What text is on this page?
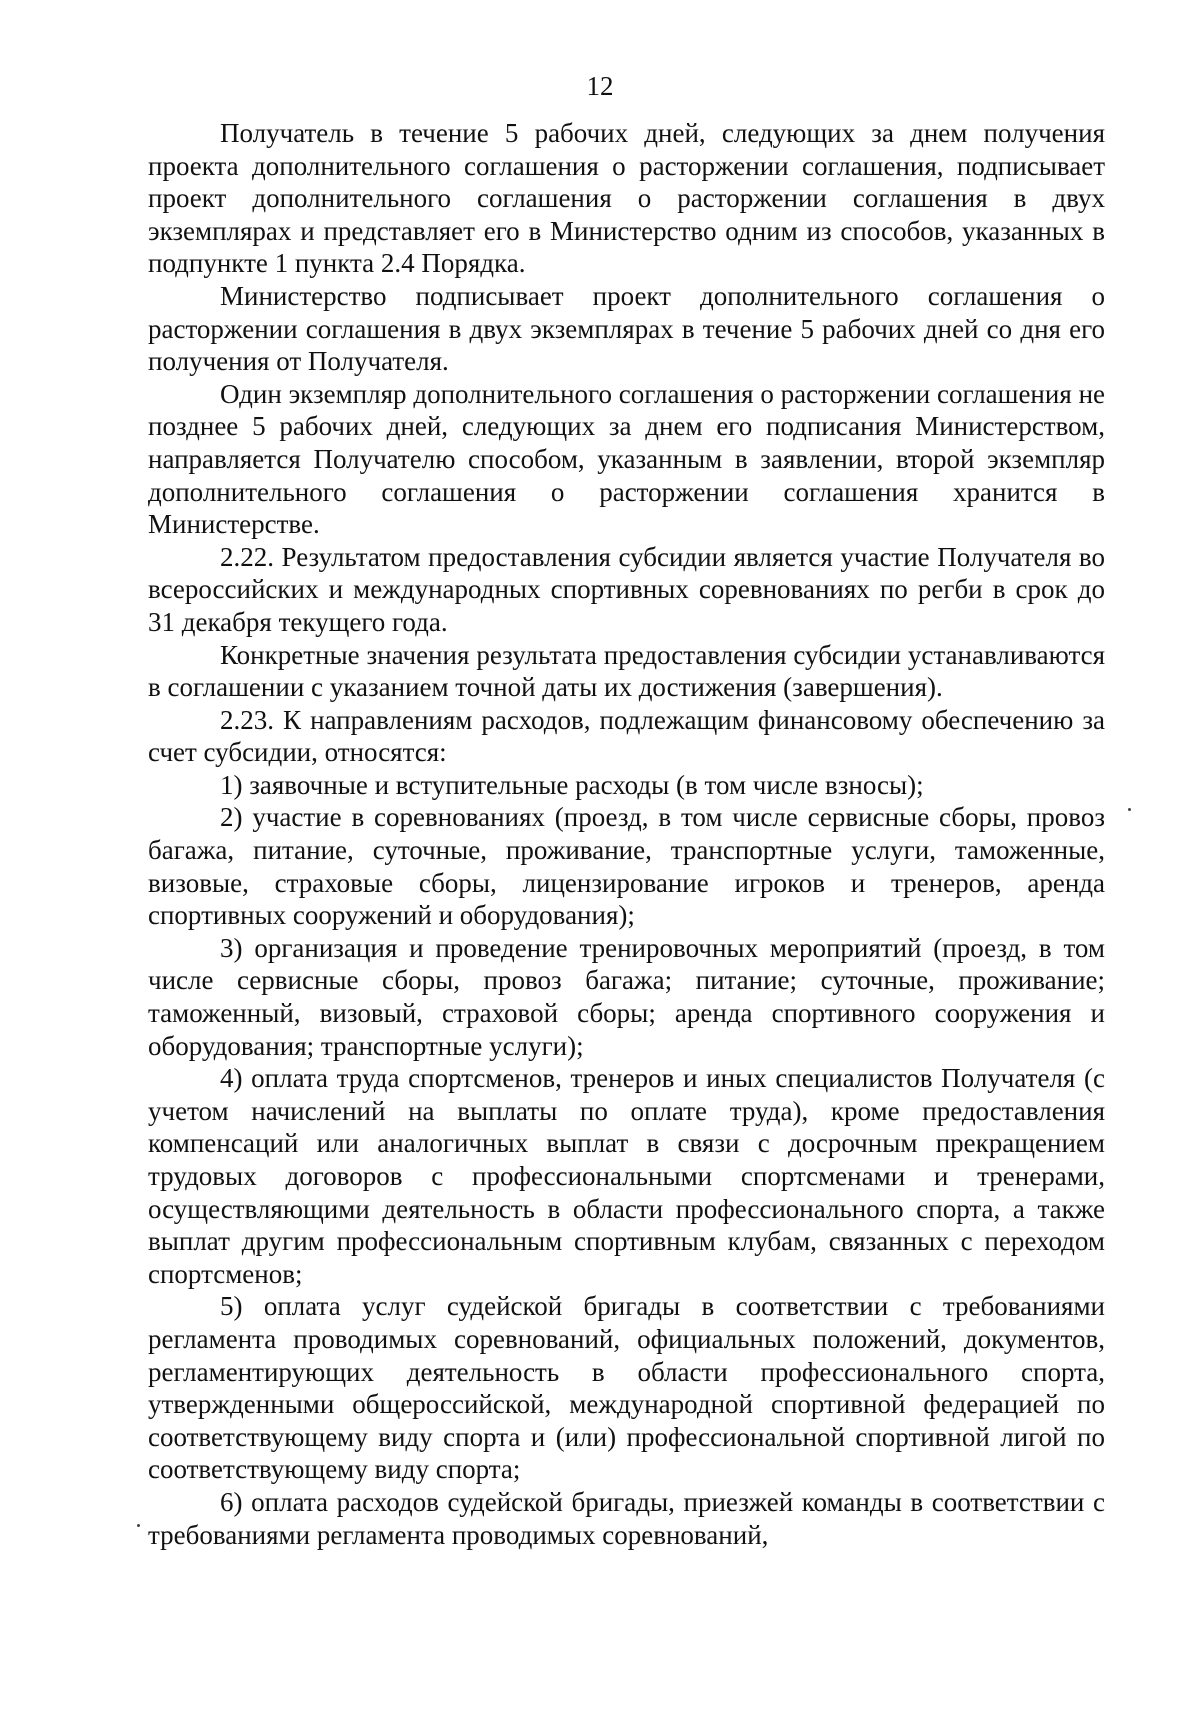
12

Получатель в течение 5 рабочих дней, следующих за днем получения проекта дополнительного соглашения о расторжении соглашения, подписывает проект дополнительного соглашения о расторжении соглашения в двух экземплярах и представляет его в Министерство одним из способов, указанных в подпункте 1 пункта 2.4 Порядка.

Министерство подписывает проект дополнительного соглашения о расторжении соглашения в двух экземплярах в течение 5 рабочих дней со дня его получения от Получателя.

Один экземпляр дополнительного соглашения о расторжении соглашения не позднее 5 рабочих дней, следующих за днем его подписания Министерством, направляется Получателю способом, указанным в заявлении, второй экземпляр дополнительного соглашения о расторжении соглашения хранится в Министерстве.

2.22. Результатом предоставления субсидии является участие Получателя во всероссийских и международных спортивных соревнованиях по регби в срок до 31 декабря текущего года.

Конкретные значения результата предоставления субсидии устанавливаются в соглашении с указанием точной даты их достижения (завершения).

2.23. К направлениям расходов, подлежащим финансовому обеспечению за счет субсидии, относятся:

1) заявочные и вступительные расходы (в том числе взносы);

2) участие в соревнованиях (проезд, в том числе сервисные сборы, провоз багажа, питание, суточные, проживание, транспортные услуги, таможенные, визовые, страховые сборы, лицензирование игроков и тренеров, аренда спортивных сооружений и оборудования);

3) организация и проведение тренировочных мероприятий (проезд, в том числе сервисные сборы, провоз багажа; питание; суточные, проживание; таможенный, визовый, страховой сборы; аренда спортивного сооружения и оборудования; транспортные услуги);

4) оплата труда спортсменов, тренеров и иных специалистов Получателя (с учетом начислений на выплаты по оплате труда), кроме предоставления компенсаций или аналогичных выплат в связи с досрочным прекращением трудовых договоров с профессиональными спортсменами и тренерами, осуществляющими деятельность в области профессионального спорта, а также выплат другим профессиональным спортивным клубам, связанных с переходом спортсменов;

5) оплата услуг судейской бригады в соответствии с требованиями регламента проводимых соревнований, официальных положений, документов, регламентирующих деятельность в области профессионального спорта, утвержденными общероссийской, международной спортивной федерацией по соответствующему виду спорта и (или) профессиональной спортивной лигой по соответствующему виду спорта;

6) оплата расходов судейской бригады, приезжей команды в соответствии с требованиями регламента проводимых соревнований,
